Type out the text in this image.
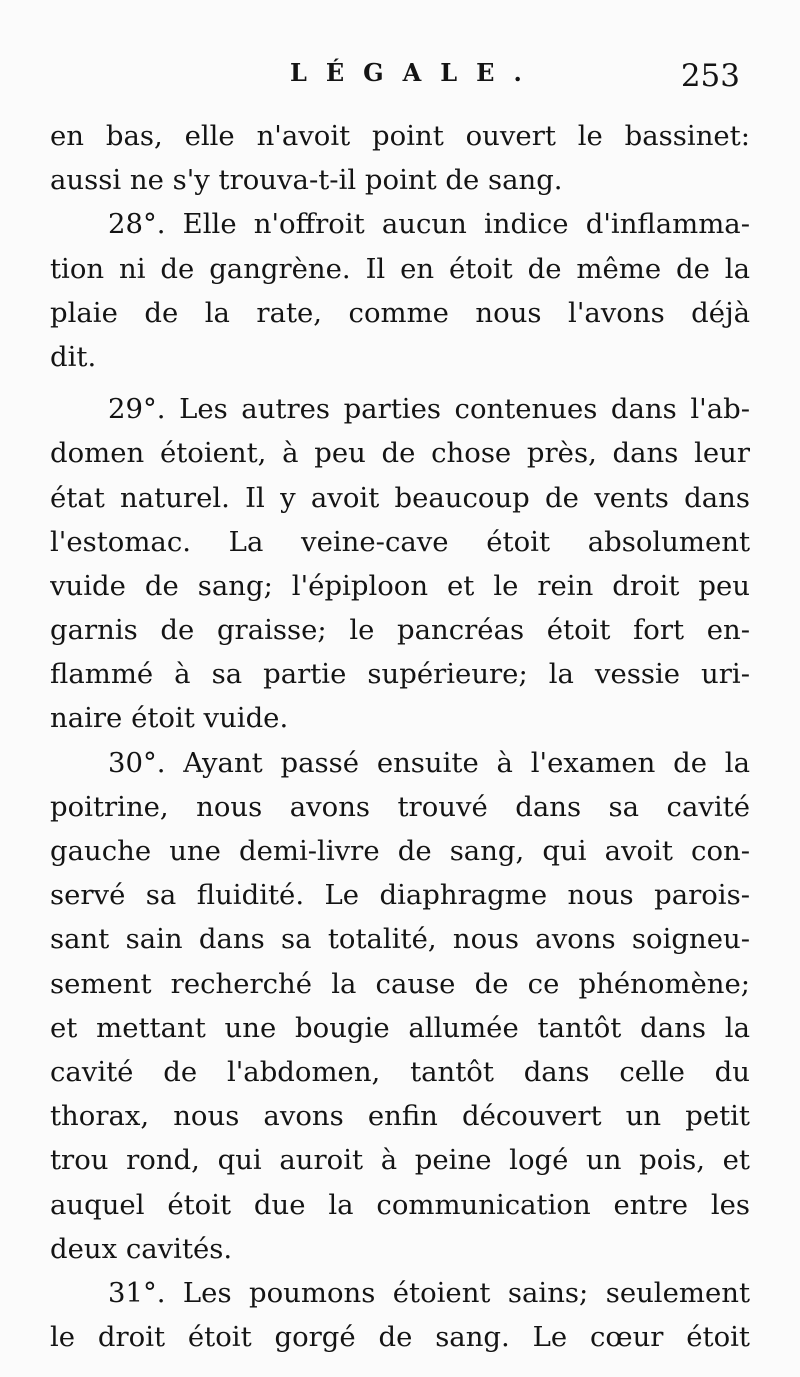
LÉGALE.	253
en bas, elle n'avoit point ouvert le bassinet:
aussi ne s'y trouva-t-il point de sang.
28°. Elle n'offroit aucun indice d'inflamma-
tion ni de gangrène. Il en étoit de même de la
plaie de la rate, comme nous l'avons déjà
dit.
29°. Les autres parties contenues dans l'ab-
domen étoient, à peu de chose près, dans leur
état naturel. Il y avoit beaucoup de vents dans
l'estomac. La veine-cave étoit absolument
vuide de sang; l'épiploon et le rein droit peu
garnis de graisse; le pancréas étoit fort en-
flammé à sa partie supérieure; la vessie uri-
naire étoit vuide.
30°. Ayant passé ensuite à l'examen de la
poitrine, nous avons trouvé dans sa cavité
gauche une demi-livre de sang, qui avoit con-
servé sa fluidité. Le diaphragme nous parois-
sant sain dans sa totalité, nous avons soigneu-
sement recherché la cause de ce phénomène;
et mettant une bougie allumée tantôt dans la
cavité de l'abdomen, tantôt dans celle du
thorax, nous avons enfin découvert un petit
trou rond, qui auroit à peine logé un pois, et
auquel étoit due la communication entre les
deux cavités.
31°. Les poumons étoient sains; seulement
le droit étoit gorgé de sang. Le cœur étoit
